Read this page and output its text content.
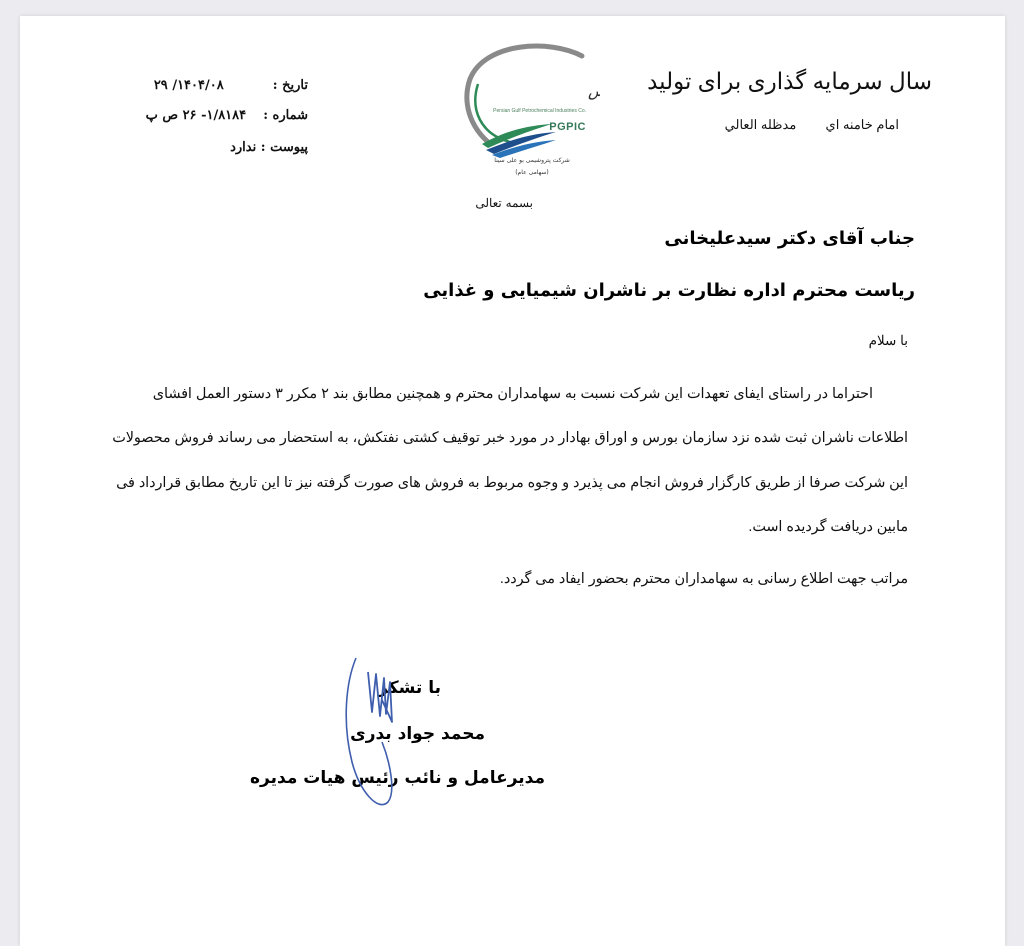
تاریخ :  ۱۴۰۴/۰۸/ ۲۹
شماره :  ۱/۸۱۸۴- ۲۶ ص پ
پیوست : ندارد
Persian Gulf Petrochemical Industries Co.
PGPIC
شرکت پتروشیمی بو علی سینا
(سهامی عام)
بسمه تعالی
سال سرمایه گذاری برای تولید
امام خامنه اي  مدظله العالي
جناب آقای دکتر سیدعلیخانی
ریاست محترم اداره نظارت بر ناشران شیمیایی و غذایی
با سلام
احتراما در راستای ایفای تعهدات این شرکت نسبت به سهامداران محترم و همچنین مطابق بند ۲ مکرر ۳ دستور العمل افشای
اطلاعات ناشران ثبت شده نزد سازمان بورس و اوراق بهادار در مورد خبر توقیف کشتی نفتکش، به استحضار می رساند فروش محصولات
این شرکت صرفا از طریق کارگزار فروش انجام می پذیرد و وجوه مربوط به فروش های صورت گرفته نیز تا این تاریخ مطابق قرارداد فی
مابین دریافت گردیده است.
مراتب جهت اطلاع رسانی به سهامداران محترم بحضور ایفاد می گردد.
با تشکر
محمد جواد بدری
مدیرعامل و نائب رئیس هیات مدیره
